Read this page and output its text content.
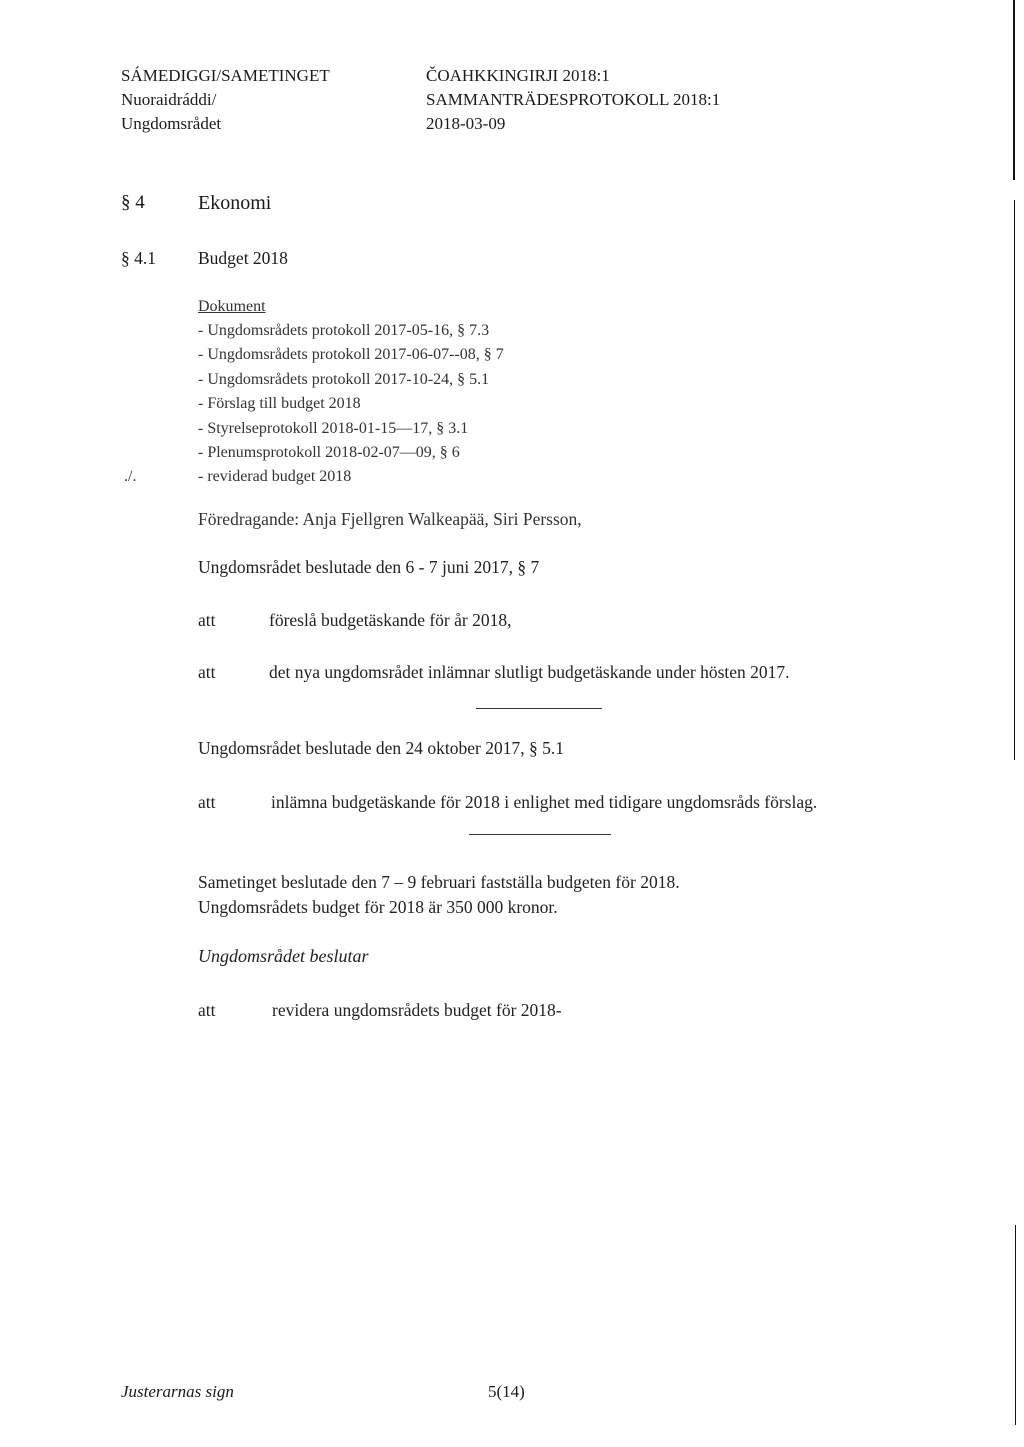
SÁMEDIGGI/SAMETINGET
Nuoraidráddi/
Ungdomsrådet
ČOAHKKINGIRJI 2018:1
SAMMANTRÄDESPROTOKOLL 2018:1
2018-03-09
§ 4	Ekonomi
§ 4.1 Budget 2018
Dokument
- Ungdomsrådets protokoll 2017-05-16, § 7.3
- Ungdomsrådets protokoll 2017-06-07--08, § 7
- Ungdomsrådets protokoll 2017-10-24, § 5.1
- Förslag till budget 2018
- Styrelseprotokoll 2018-01-15—17, § 3.1
- Plenumsprotokoll 2018-02-07—09, § 6
- reviderad budget 2018
./.
Föredragande: Anja Fjellgren Walkeapää, Siri Persson,
Ungdomsrådet beslutade den 6 - 7 juni 2017, § 7
att	föreslå budgetäskande för år 2018,
att	det nya ungdomsrådet inlämnar slutligt budgetäskande under hösten 2017.
Ungdomsrådet beslutade den 24 oktober 2017, § 5.1
att	inlämna budgetäskande för 2018 i enlighet med tidigare ungdomsråds förslag.
Sametinget beslutade den 7 – 9 februari fastställa budgeten för 2018.
Ungdomsrådets budget för 2018 är 350 000 kronor.
Ungdomsrådet beslutar
att	revidera ungdomsrådets budget för 2018-
Justerarnas sign	5(14)
